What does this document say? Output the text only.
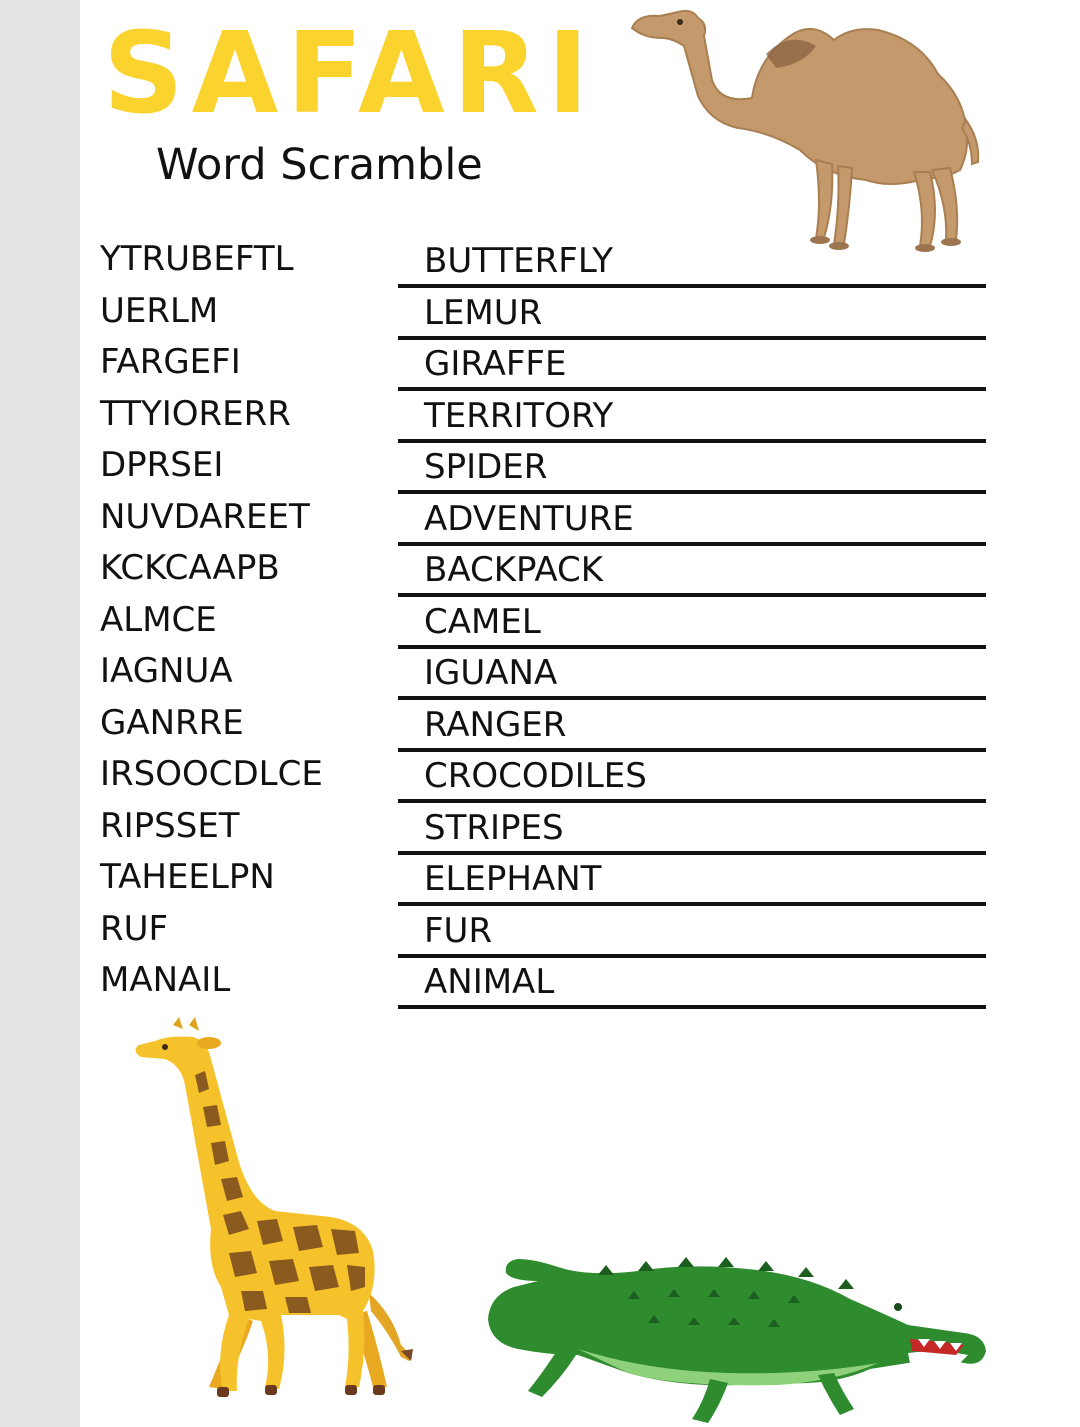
SAFARI
Word Scramble
YTRUBEFTL	BUTTERFLY
UERLM	LEMUR
FARGEFI	GIRAFFE
TTYIORERR	TERRITORY
DPRSEI	SPIDER
NUVDAREET	ADVENTURE
KCKCAAPB	BACKPACK
ALMCE	CAMEL
IAGNUA	IGUANA
GANRRE	RANGER
IRSOOCDLCE	CROCODILES
RIPSSET	STRIPES
TAHEELPN	ELEPHANT
RUF	FUR
MANAIL	ANIMAL
